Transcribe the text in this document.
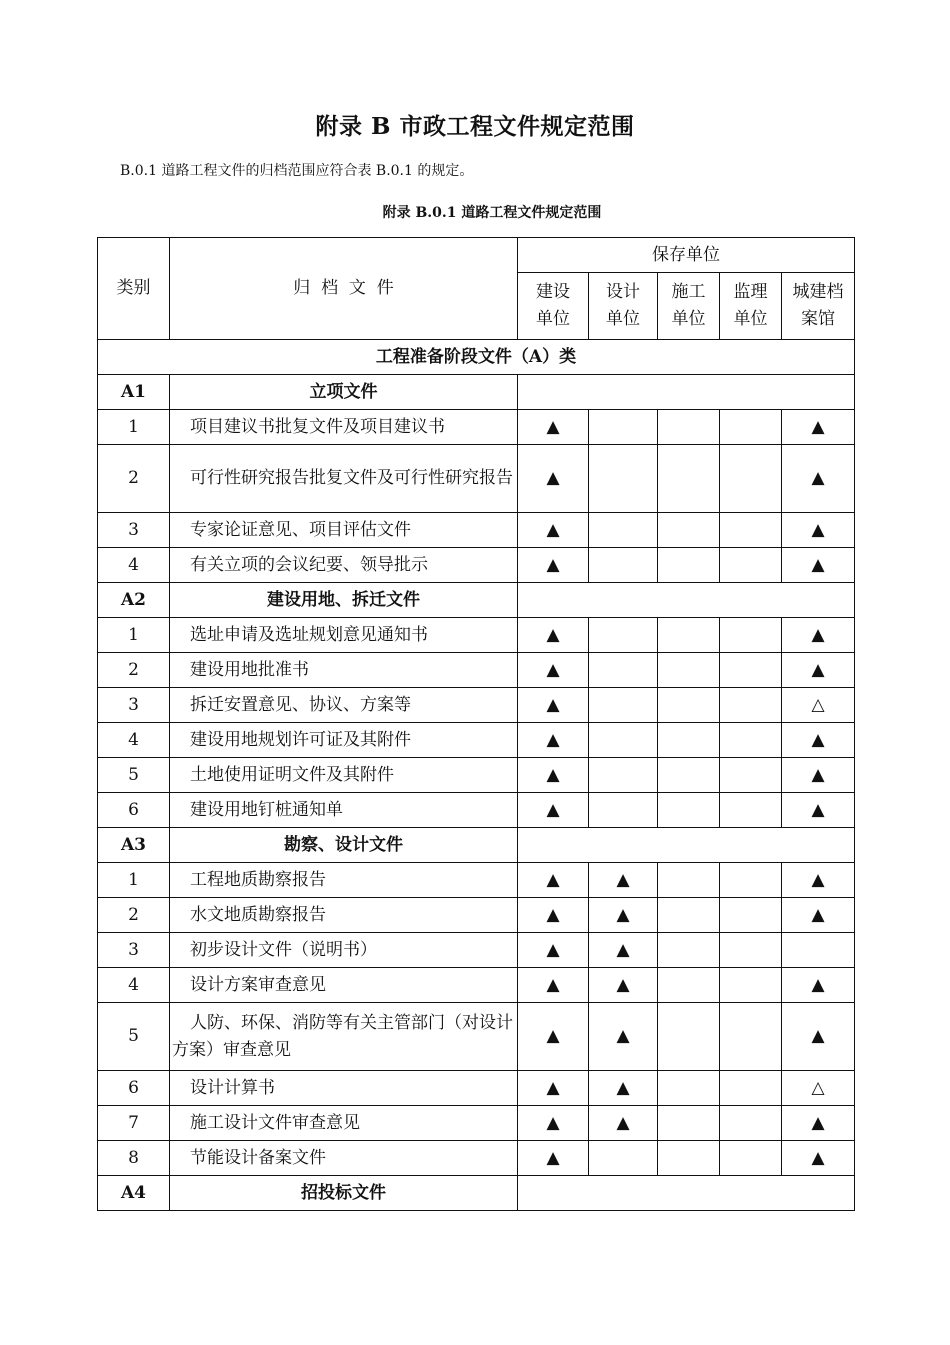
附录 B 市政工程文件规定范围
B.0.1 道路工程文件的归档范围应符合表 B.0.1 的规定。
附录 B.0.1 道路工程文件规定范围
类别	归  档  文  件	保存单位				
		建设单位	设计单位	施工单位	监理单位	城建档案馆
工程准备阶段文件（A）类						
A1	立项文件					
1	项目建议书批复文件及项目建议书	▲				▲
2	可行性研究报告批复文件及可行性研究报告	▲				▲
3	专家论证意见、项目评估文件	▲				▲
4	有关立项的会议纪要、领导批示	▲				▲
A2	建设用地、拆迁文件					
1	选址申请及选址规划意见通知书	▲				▲
2	建设用地批准书	▲				▲
3	拆迁安置意见、协议、方案等	▲				△
4	建设用地规划许可证及其附件	▲				▲
5	土地使用证明文件及其附件	▲				▲
6	建设用地钉桩通知单	▲				▲
A3	勘察、设计文件					
1	工程地质勘察报告	▲	▲			▲
2	水文地质勘察报告	▲	▲			▲
3	初步设计文件（说明书）	▲	▲			
4	设计方案审查意见	▲	▲			▲
5	人防、环保、消防等有关主管部门（对设计方案）审查意见	▲	▲			▲
6	设计计算书	▲	▲			△
7	施工设计文件审查意见	▲	▲			▲
8	节能设计备案文件	▲				▲
A4	招投标文件					
